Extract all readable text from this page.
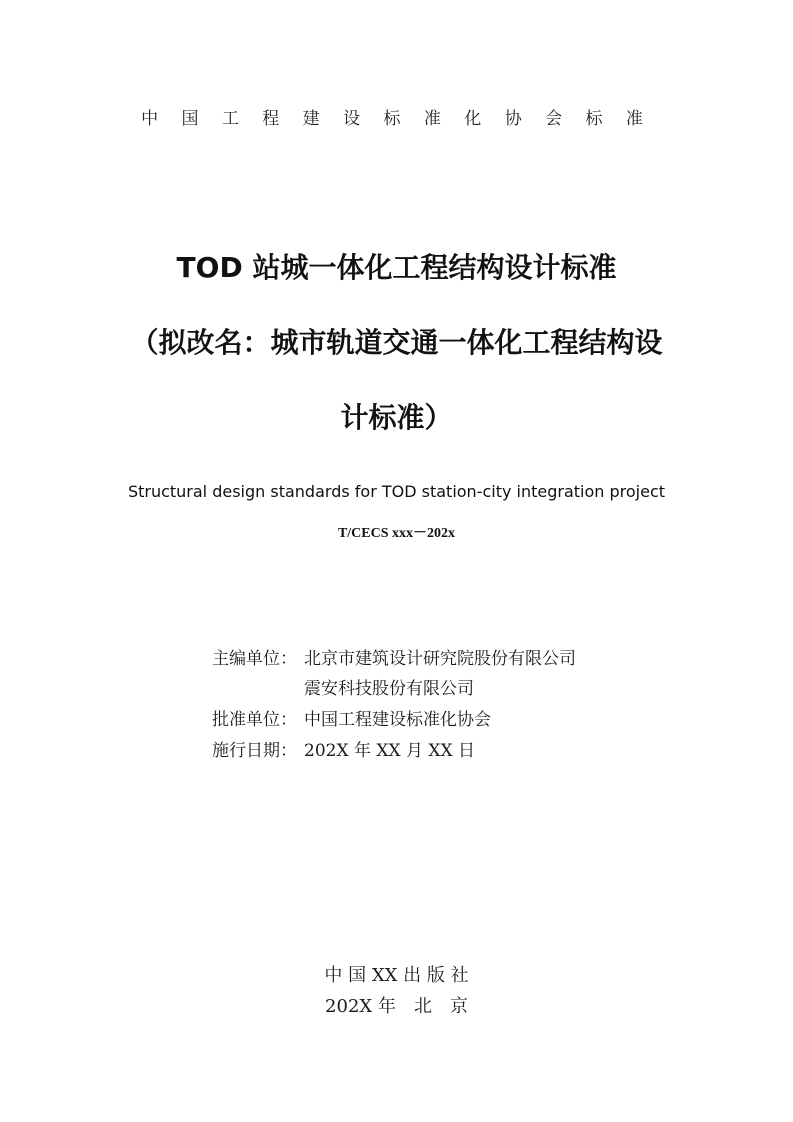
中 国 工 程 建 设 标 准 化 协 会 标 准
TOD 站城一体化工程结构设计标准
（拟改名：城市轨道交通一体化工程结构设
计标准）
Structural design standards for TOD station-city integration project
T/CECS xxx－202x
主编单位： 北京市建筑设计研究院股份有限公司
震安科技股份有限公司
批准单位： 中国工程建设标准化协会
施行日期： 202X 年 XX 月 XX 日
中 国 XX 出 版 社
202X 年　北　京
